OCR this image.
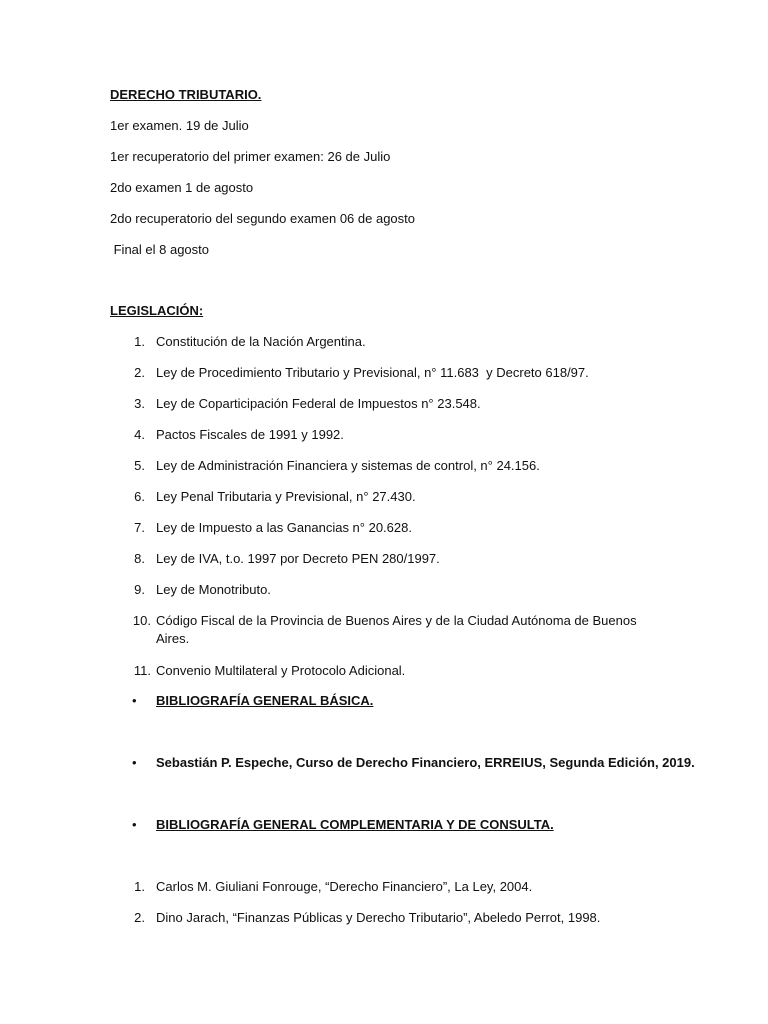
DERECHO TRIBUTARIO.
1er examen. 19 de Julio
1er recuperatorio del primer examen: 26 de Julio
2do examen 1 de agosto
2do recuperatorio del segundo examen 06 de agosto
Final el 8 agosto
LEGISLACIÓN:
1. Constitución de la Nación Argentina.
2. Ley de Procedimiento Tributario y Previsional, n° 11.683  y Decreto 618/97.
3. Ley de Coparticipación Federal de Impuestos n° 23.548.
4. Pactos Fiscales de 1991 y 1992.
5. Ley de Administración Financiera y sistemas de control, n° 24.156.
6. Ley Penal Tributaria y Previsional, n° 27.430.
7. Ley de Impuesto a las Ganancias n° 20.628.
8. Ley de IVA, t.o. 1997 por Decreto PEN 280/1997.
9. Ley de Monotributo.
10. Código Fiscal de la Provincia de Buenos Aires y de la Ciudad Autónoma de Buenos
Aires.
11. Convenio Multilateral y Protocolo Adicional.
• BIBLIOGRAFÍA GENERAL BÁSICA.
• Sebastián P. Espeche, Curso de Derecho Financiero, ERREIUS, Segunda Edición, 2019.
• BIBLIOGRAFÍA GENERAL COMPLEMENTARIA Y DE CONSULTA.
1. Carlos M. Giuliani Fonrouge, “Derecho Financiero”, La Ley, 2004.
2. Dino Jarach, “Finanzas Públicas y Derecho Tributario”, Abeledo Perrot, 1998.
